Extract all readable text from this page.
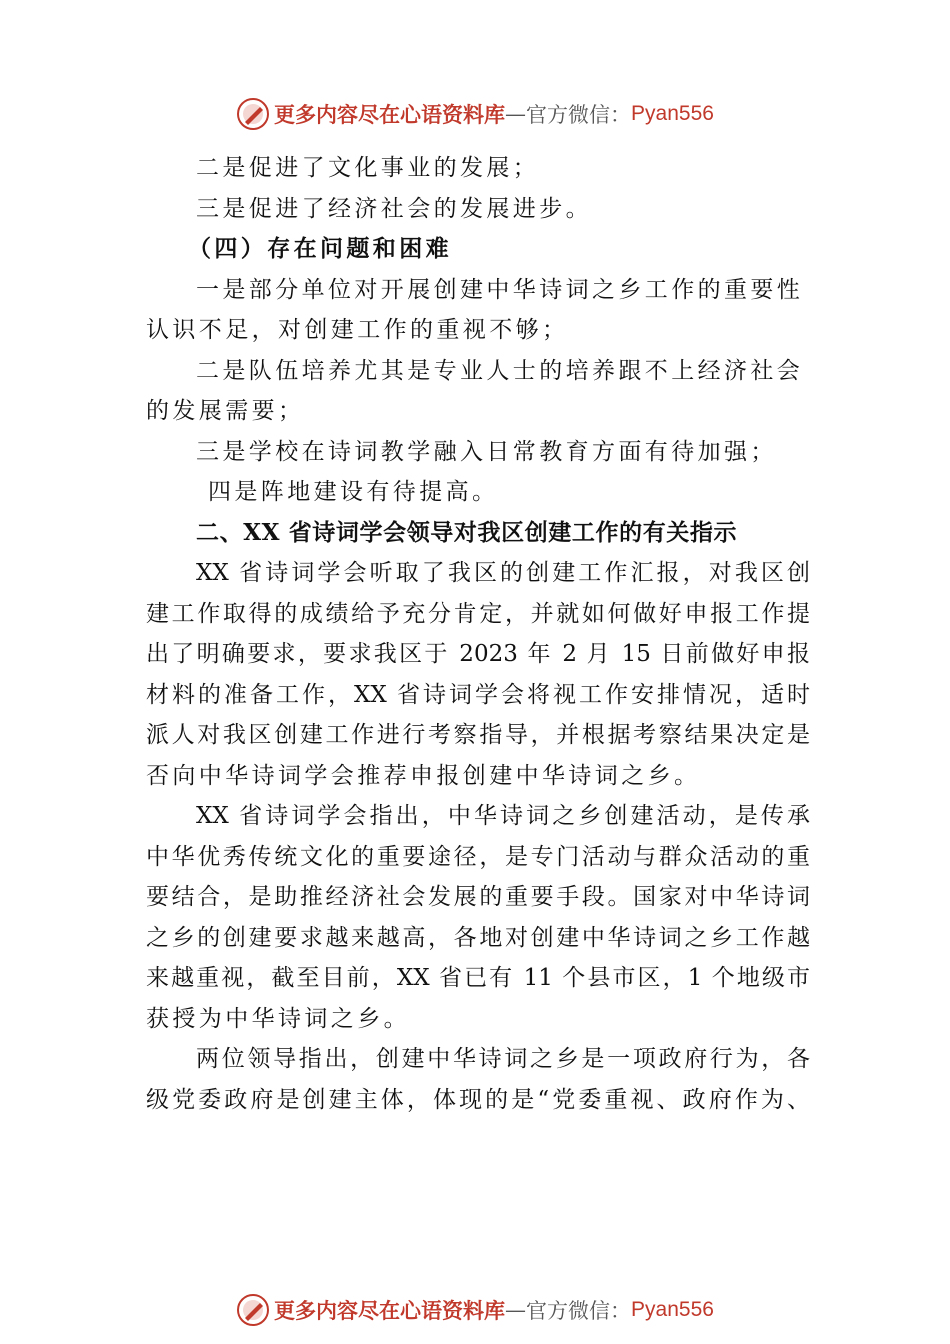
更多内容尽在心语资料库 — 官方微信： Pyan556
二是促进了文化事业的发展；
三是促进了经济社会的发展进步。
（四）存在问题和困难
一是部分单位对开展创建中华诗词之乡工作的重要性
认识不足，对创建工作的重视不够；
二是队伍培养尤其是专业人士的培养跟不上经济社会
的发展需要；
三是学校在诗词教学融入日常教育方面有待加强；
四是阵地建设有待提高。
二、XX 省诗词学会领导对我区创建工作的有关指示
XX 省诗词学会听取了我区的创建工作汇报，对我区创
建工作取得的成绩给予充分肯定，并就如何做好申报工作提
出了明确要求，要求我区于 2023 年 2 月 15 日前做好申报
材料的准备工作，XX 省诗词学会将视工作安排情况，适时
派人对我区创建工作进行考察指导，并根据考察结果决定是
否向中华诗词学会推荐申报创建中华诗词之乡。
XX 省诗词学会指出，中华诗词之乡创建活动，是传承
中华优秀传统文化的重要途径，是专门活动与群众活动的重
要结合，是助推经济社会发展的重要手段。国家对中华诗词
之乡的创建要求越来越高，各地对创建中华诗词之乡工作越
来越重视，截至目前，XX 省已有 11 个县市区，1 个地级市
获授为中华诗词之乡。
两位领导指出，创建中华诗词之乡是一项政府行为，各
级党委政府是创建主体，体现的是“党委重视、政府作为、
更多内容尽在心语资料库 — 官方微信： Pyan556
